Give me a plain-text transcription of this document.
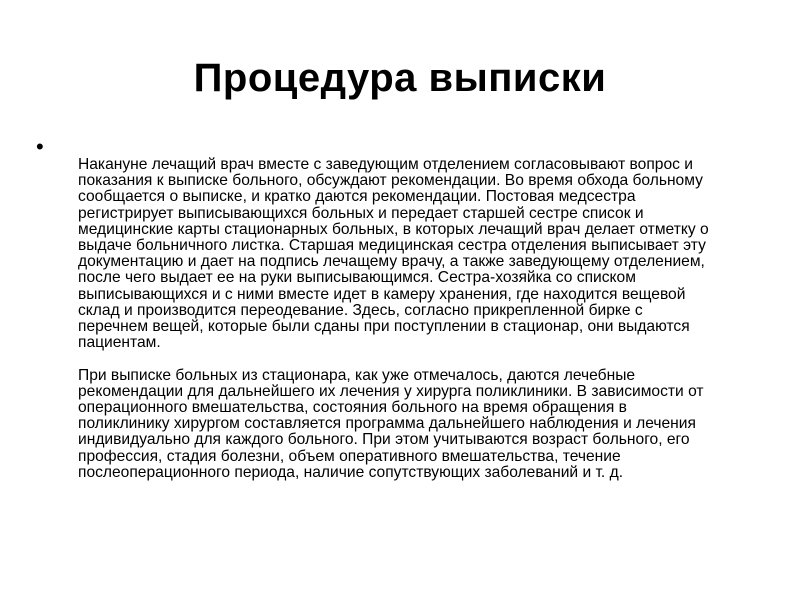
Процедура выписки
•

Накануне лечащий врач вместе с заведующим отделением согласовывают вопрос и
показания к выписке больного, обсуждают рекомендации. Во время обхода больному
сообщается о выписке, и кратко даются рекомендации. Постовая медсестра
регистрирует выписывающихся больных и передает старшей сестре список и
медицинские карты стационарных больных, в которых лечащий врач делает отметку о
выдаче больничного листка. Старшая медицинская сестра отделения выписывает эту
документацию и дает на подпись лечащему врачу, а также заведующему отделением,
после чего выдает ее на руки выписывающимся. Сестра-хозяйка со списком
выписывающихся и с ними вместе идет в камеру хранения, где находится вещевой
склад и производится переодевание. Здесь, согласно прикрепленной бирке с
перечнем вещей, которые были сданы при поступлении в стационар, они выдаются
пациентам.

При выписке больных из стационара, как уже отмечалось, даются лечебные
рекомендации для дальнейшего их лечения у хирурга поликлиники. В зависимости от
операционного вмешательства, состояния больного на время обращения в
поликлинику хирургом составляется программа дальнейшего наблюдения и лечения
индивидуально для каждого больного. При этом учитываются возраст больного, его
профессия, стадия болезни, объем оперативного вмешательства, течение
послеоперационного периода, наличие сопутствующих заболеваний и т. д.
